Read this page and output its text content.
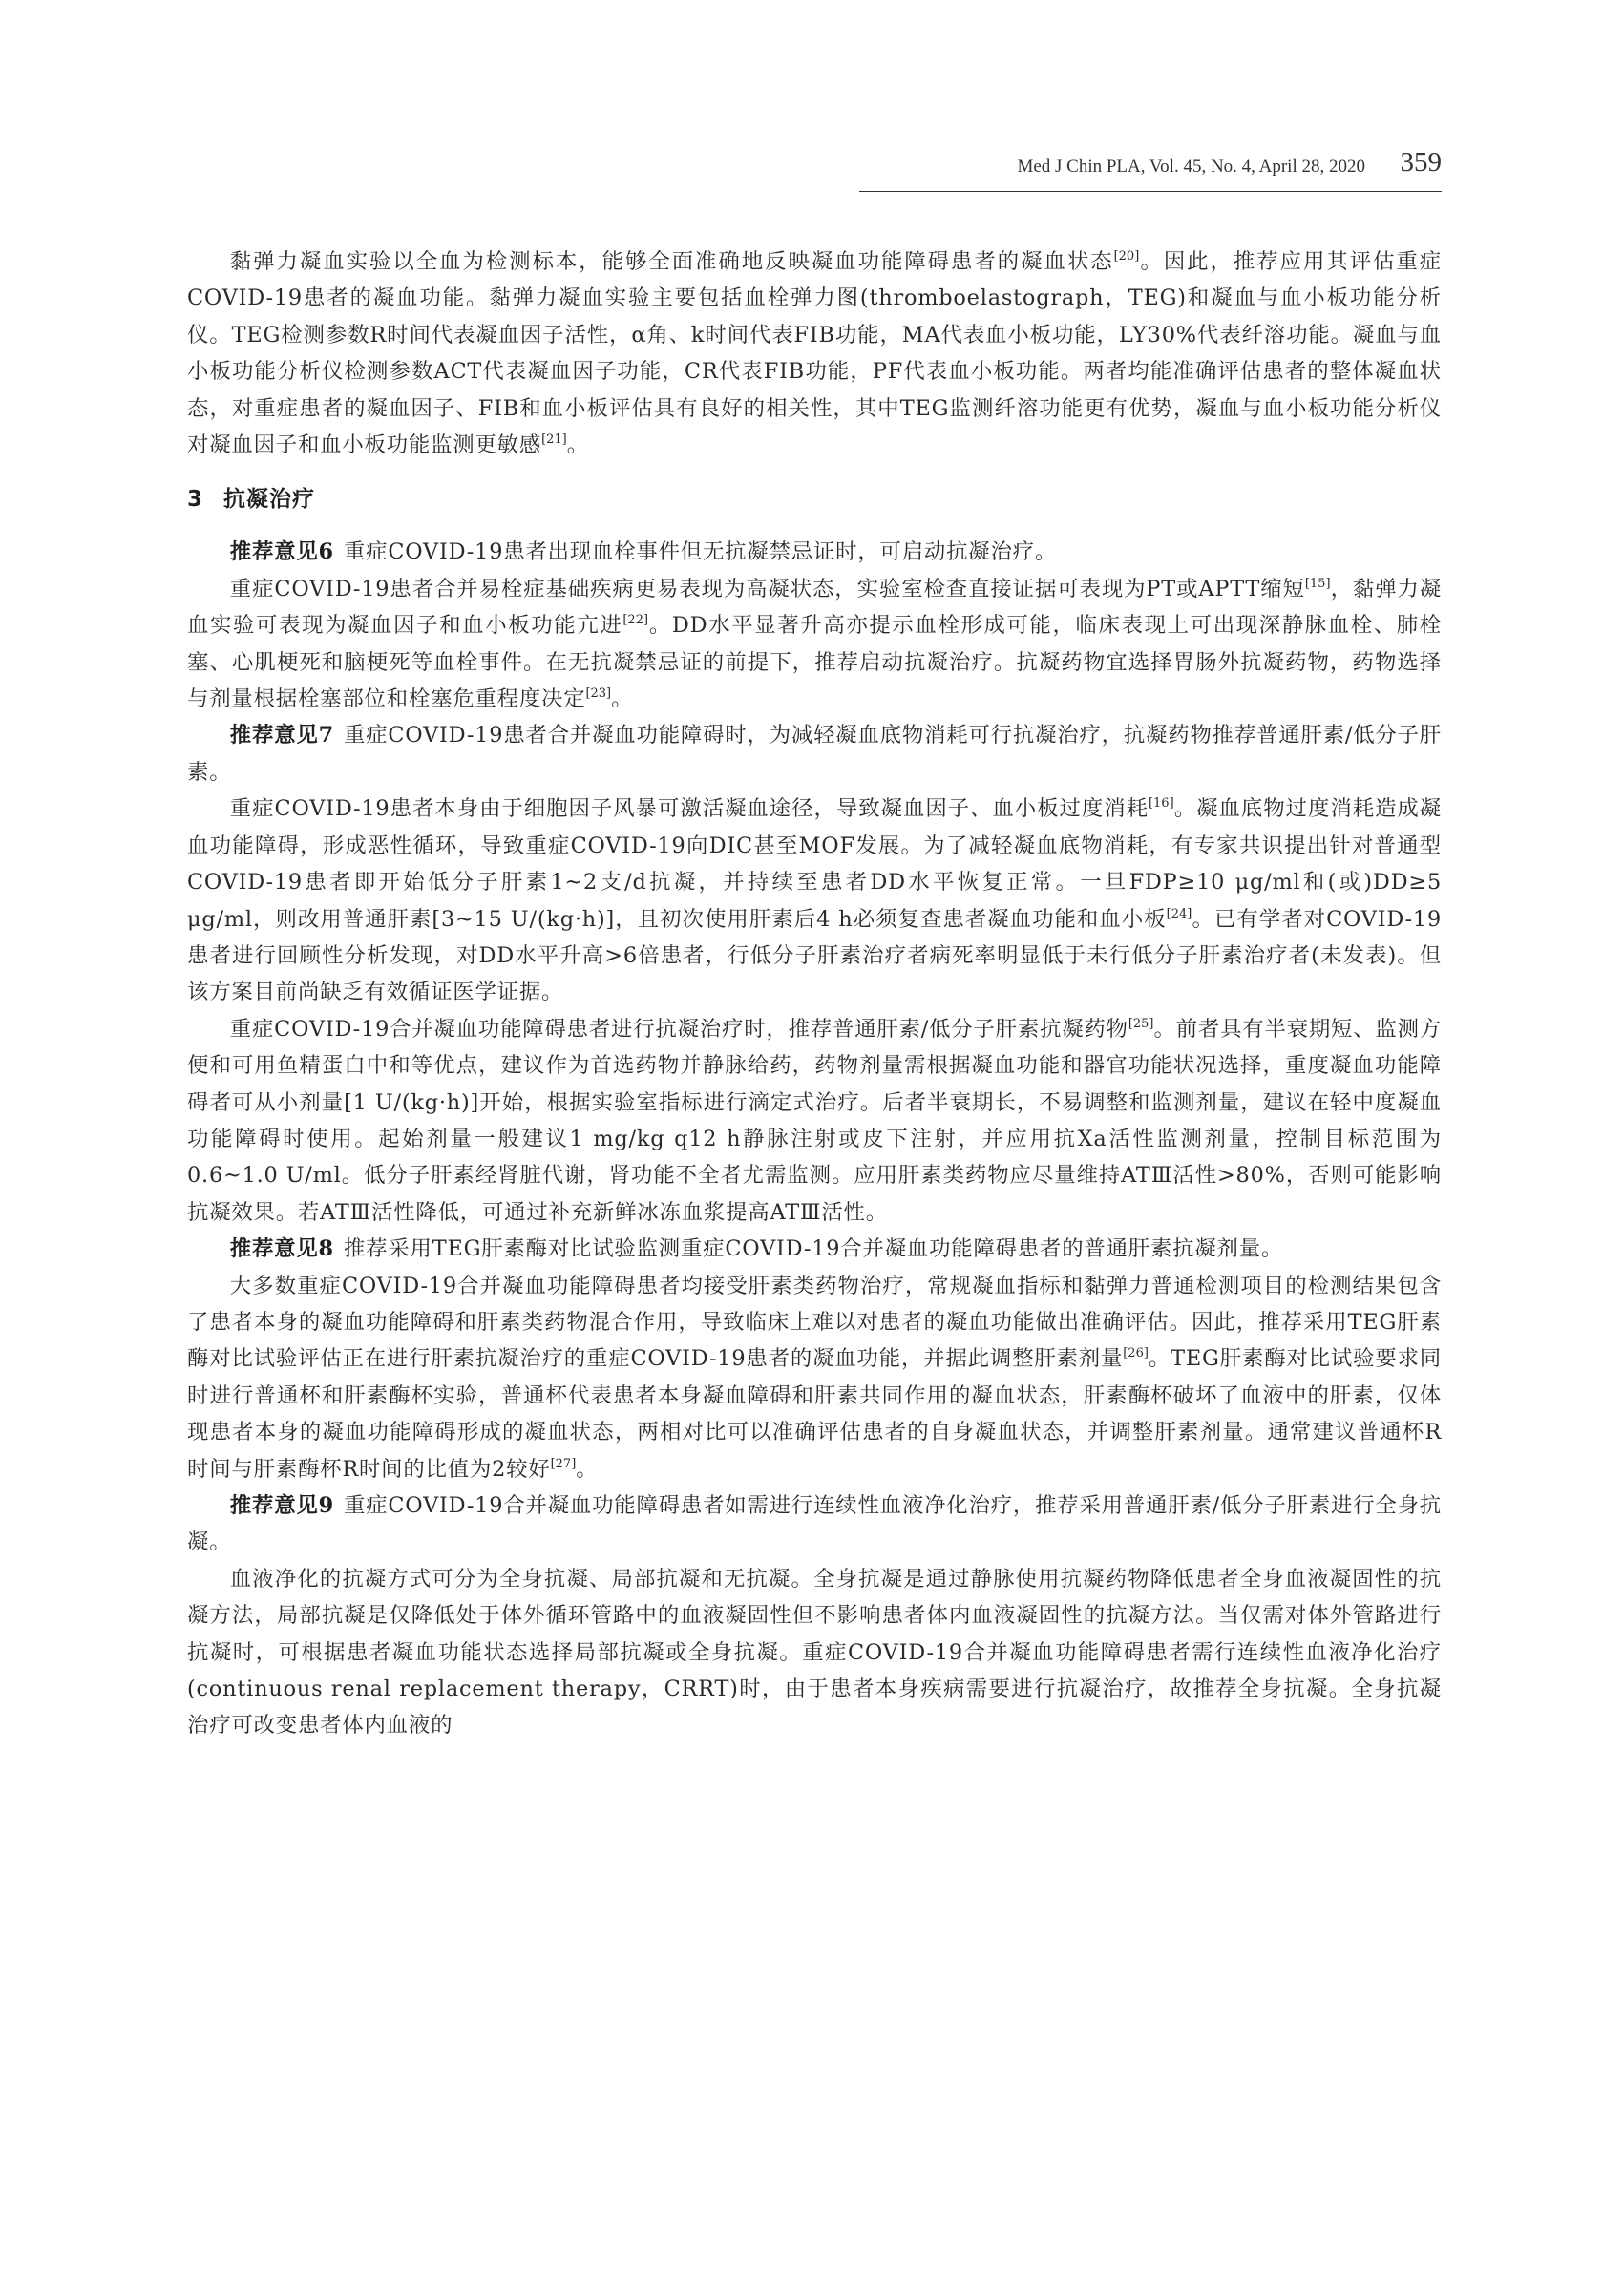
Med J Chin PLA, Vol. 45, No. 4, April 28, 2020 359

黏弹力凝血实验以全血为检测标本，能够全面准确地反映凝血功能障碍患者的凝血状态[20]。因此，推荐应用其评估重症COVID-19患者的凝血功能。黏弹力凝血实验主要包括血栓弹力图(thromboelastograph，TEG)和凝血与血小板功能分析仪。TEG检测参数R时间代表凝血因子活性，α角、k时间代表FIB功能，MA代表血小板功能，LY30%代表纤溶功能。凝血与血小板功能分析仪检测参数ACT代表凝血因子功能，CR代表FIB功能，PF代表血小板功能。两者均能准确评估患者的整体凝血状态，对重症患者的凝血因子、FIB和血小板评估具有良好的相关性，其中TEG监测纤溶功能更有优势，凝血与血小板功能分析仪对凝血因子和血小板功能监测更敏感[21]。

3 抗凝治疗

推荐意见6 重症COVID-19患者出现血栓事件但无抗凝禁忌证时，可启动抗凝治疗。

重症COVID-19患者合并易栓症基础疾病更易表现为高凝状态，实验室检查直接证据可表现为PT或APTT缩短[15]，黏弹力凝血实验可表现为凝血因子和血小板功能亢进[22]。DD水平显著升高亦提示血栓形成可能，临床表现上可出现深静脉血栓、肺栓塞、心肌梗死和脑梗死等血栓事件。在无抗凝禁忌证的前提下，推荐启动抗凝治疗。抗凝药物宜选择胃肠外抗凝药物，药物选择与剂量根据栓塞部位和栓塞危重程度决定[23]。

推荐意见7 重症COVID-19患者合并凝血功能障碍时，为减轻凝血底物消耗可行抗凝治疗，抗凝药物推荐普通肝素/低分子肝素。

重症COVID-19患者本身由于细胞因子风暴可激活凝血途径，导致凝血因子、血小板过度消耗[16]。凝血底物过度消耗造成凝血功能障碍，形成恶性循环，导致重症COVID-19向DIC甚至MOF发展。为了减轻凝血底物消耗，有专家共识提出针对普通型COVID-19患者即开始低分子肝素1~2支/d抗凝，并持续至患者DD水平恢复正常。一旦FDP≥10 μg/ml和(或)DD≥5 μg/ml，则改用普通肝素[3~15 U/(kg·h)]，且初次使用肝素后4 h必须复查患者凝血功能和血小板[24]。已有学者对COVID-19患者进行回顾性分析发现，对DD水平升高>6倍患者，行低分子肝素治疗者病死率明显低于未行低分子肝素治疗者(未发表)。但该方案目前尚缺乏有效循证医学证据。

重症COVID-19合并凝血功能障碍患者进行抗凝治疗时，推荐普通肝素/低分子肝素抗凝药物[25]。前者具有半衰期短、监测方便和可用鱼精蛋白中和等优点，建议作为首选药物并静脉给药，药物剂量需根据凝血功能和器官功能状况选择，重度凝血功能障碍者可从小剂量[1 U/(kg·h)]开始，根据实验室指标进行滴定式治疗。后者半衰期长，不易调整和监测剂量，建议在轻中度凝血功能障碍时使用。起始剂量一般建议1 mg/kg q12 h静脉注射或皮下注射，并应用抗Xa活性监测剂量，控制目标范围为0.6~1.0 U/ml。低分子肝素经肾脏代谢，肾功能不全者尤需监测。应用肝素类药物应尽量维持ATⅢ活性>80%，否则可能影响抗凝效果。若ATⅢ活性降低，可通过补充新鲜冰冻血浆提高ATⅢ活性。

推荐意见8 推荐采用TEG肝素酶对比试验监测重症COVID-19合并凝血功能障碍患者的普通肝素抗凝剂量。

大多数重症COVID-19合并凝血功能障碍患者均接受肝素类药物治疗，常规凝血指标和黏弹力普通检测项目的检测结果包含了患者本身的凝血功能障碍和肝素类药物混合作用，导致临床上难以对患者的凝血功能做出准确评估。因此，推荐采用TEG肝素酶对比试验评估正在进行肝素抗凝治疗的重症COVID-19患者的凝血功能，并据此调整肝素剂量[26]。TEG肝素酶对比试验要求同时进行普通杯和肝素酶杯实验，普通杯代表患者本身凝血障碍和肝素共同作用的凝血状态，肝素酶杯破坏了血液中的肝素，仅体现患者本身的凝血功能障碍形成的凝血状态，两相对比可以准确评估患者的自身凝血状态，并调整肝素剂量。通常建议普通杯R时间与肝素酶杯R时间的比值为2较好[27]。

推荐意见9 重症COVID-19合并凝血功能障碍患者如需进行连续性血液净化治疗，推荐采用普通肝素/低分子肝素进行全身抗凝。

血液净化的抗凝方式可分为全身抗凝、局部抗凝和无抗凝。全身抗凝是通过静脉使用抗凝药物降低患者全身血液凝固性的抗凝方法，局部抗凝是仅降低处于体外循环管路中的血液凝固性但不影响患者体内血液凝固性的抗凝方法。当仅需对体外管路进行抗凝时，可根据患者凝血功能状态选择局部抗凝或全身抗凝。重症COVID-19合并凝血功能障碍患者需行连续性血液净化治疗(continuous renal replacement therapy，CRRT)时，由于患者本身疾病需要进行抗凝治疗，故推荐全身抗凝。全身抗凝治疗可改变患者体内血液的
